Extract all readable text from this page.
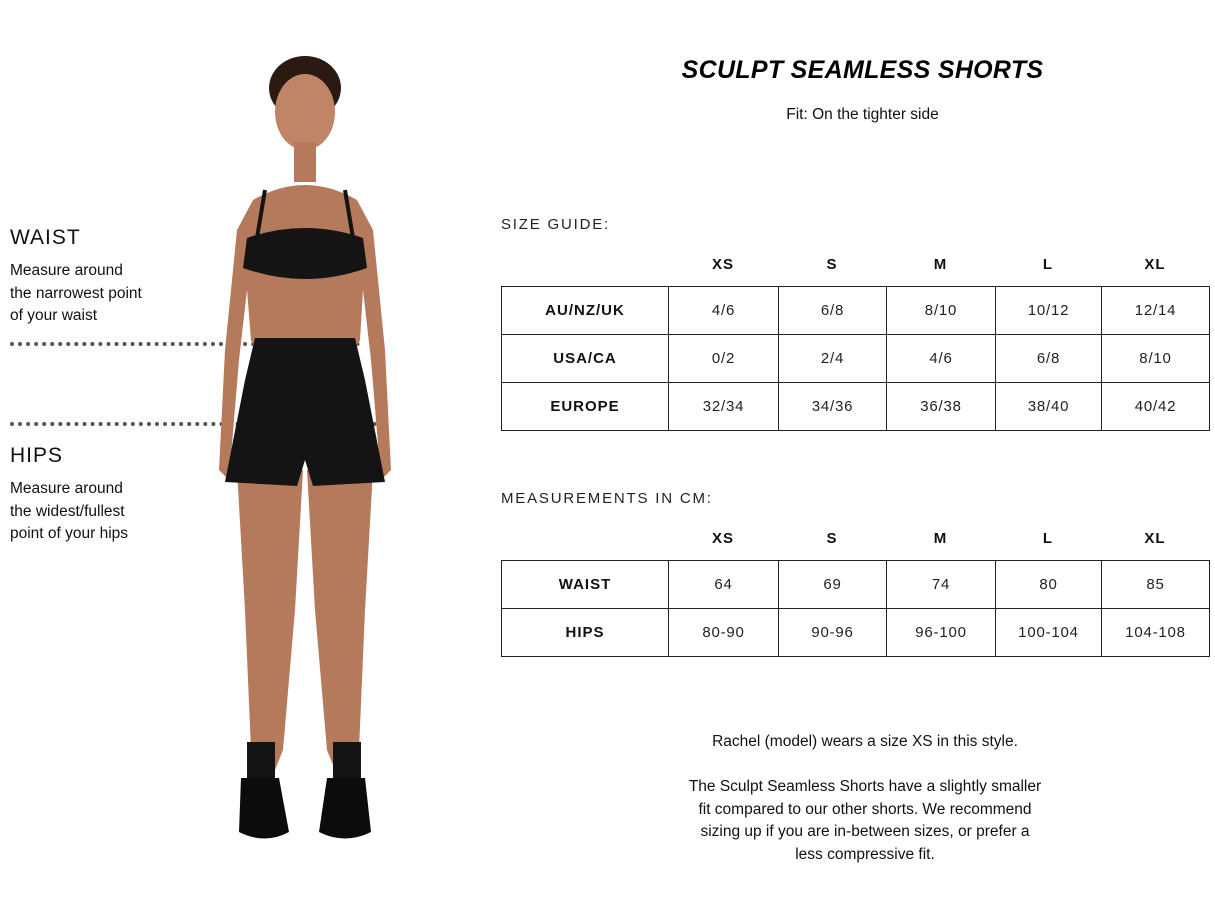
WAIST
Measure around
the narrowest point
of your waist
HIPS
Measure around
the widest/fullest
point of your hips
SCULPT SEAMLESS SHORTS
Fit: On the tighter side
SIZE GUIDE:
XS	S	M	L	XL
AU/NZ/UK	4/6	6/8	8/10	10/12	12/14
USA/CA	0/2	2/4	4/6	6/8	8/10
EUROPE	32/34	34/36	36/38	38/40	40/42
MEASUREMENTS IN CM:
XS	S	M	L	XL
WAIST	64	69	74	80	85
HIPS	80-90	90-96	96-100	100-104	104-108
Rachel (model) wears a size XS in this style.
The Sculpt Seamless Shorts have a slightly smaller
fit compared to our other shorts. We recommend
sizing up if you are in-between sizes, or prefer a
less compressive fit.
